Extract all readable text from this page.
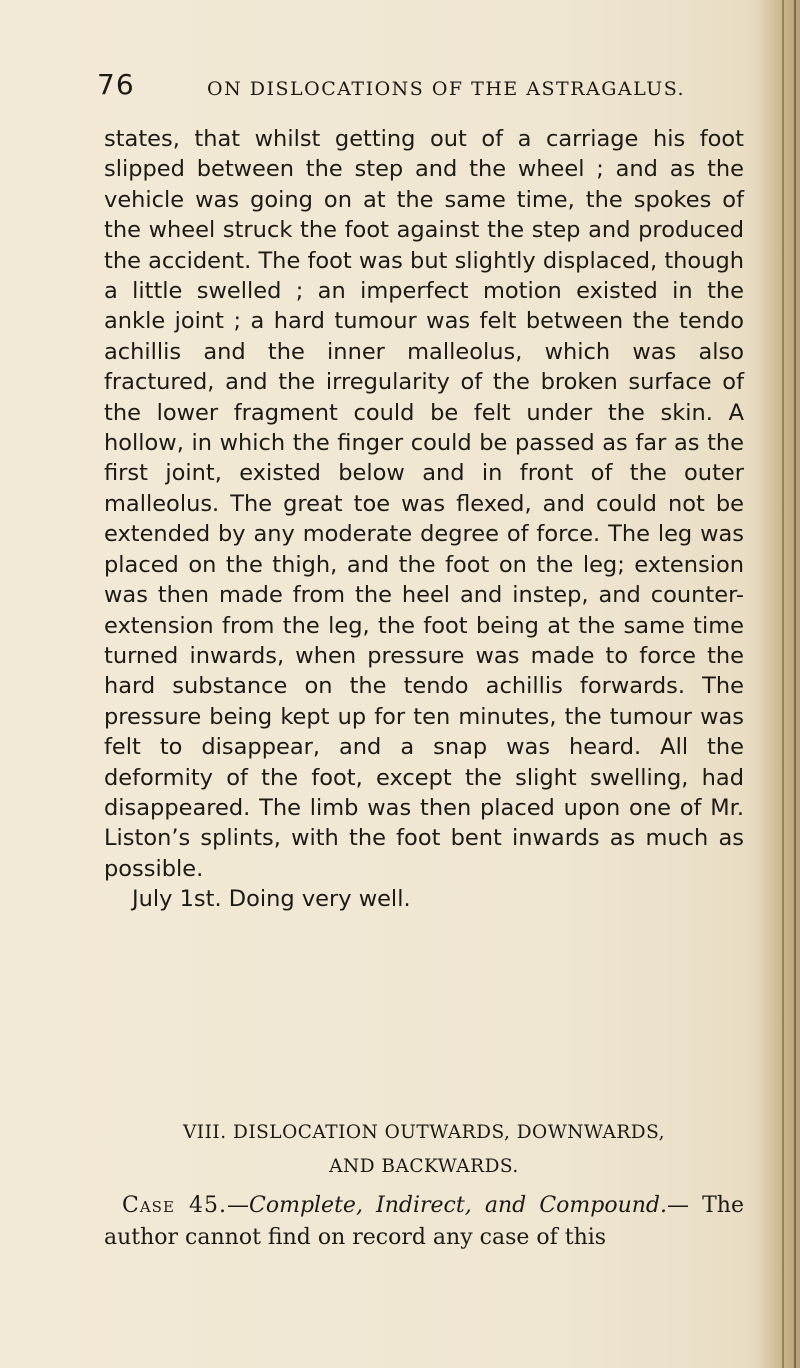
76	ON DISLOCATIONS OF THE ASTRAGALUS.

states, that whilst getting out of a carriage his foot slipped between the step and the wheel ; and as the vehicle was going on at the same time, the spokes of the wheel struck the foot against the step and produced the accident. The foot was but slightly displaced, though a little swelled ; an imperfect motion existed in the ankle joint ; a hard tumour was felt between the tendo achillis and the inner malleolus, which was also fractured, and the irregularity of the broken surface of the lower fragment could be felt under the skin. A hollow, in which the finger could be passed as far as the first joint, existed below and in front of the outer malleolus. The great toe was flexed, and could not be extended by any moderate degree of force. The leg was placed on the thigh, and the foot on the leg; extension was then made from the heel and instep, and counter-extension from the leg, the foot being at the same time turned inwards, when pressure was made to force the hard substance on the tendo achillis forwards. The pressure being kept up for ten minutes, the tumour was felt to disappear, and a snap was heard. All the deformity of the foot, except the slight swelling, had disappeared. The limb was then placed upon one of Mr. Liston’s splints, with the foot bent inwards as much as possible.

July 1st. Doing very well.

VIII. DISLOCATION OUTWARDS, DOWNWARDS,
AND BACKWARDS.
Case 45.—Complete, Indirect, and Compound.— The author cannot find on record any case of this
